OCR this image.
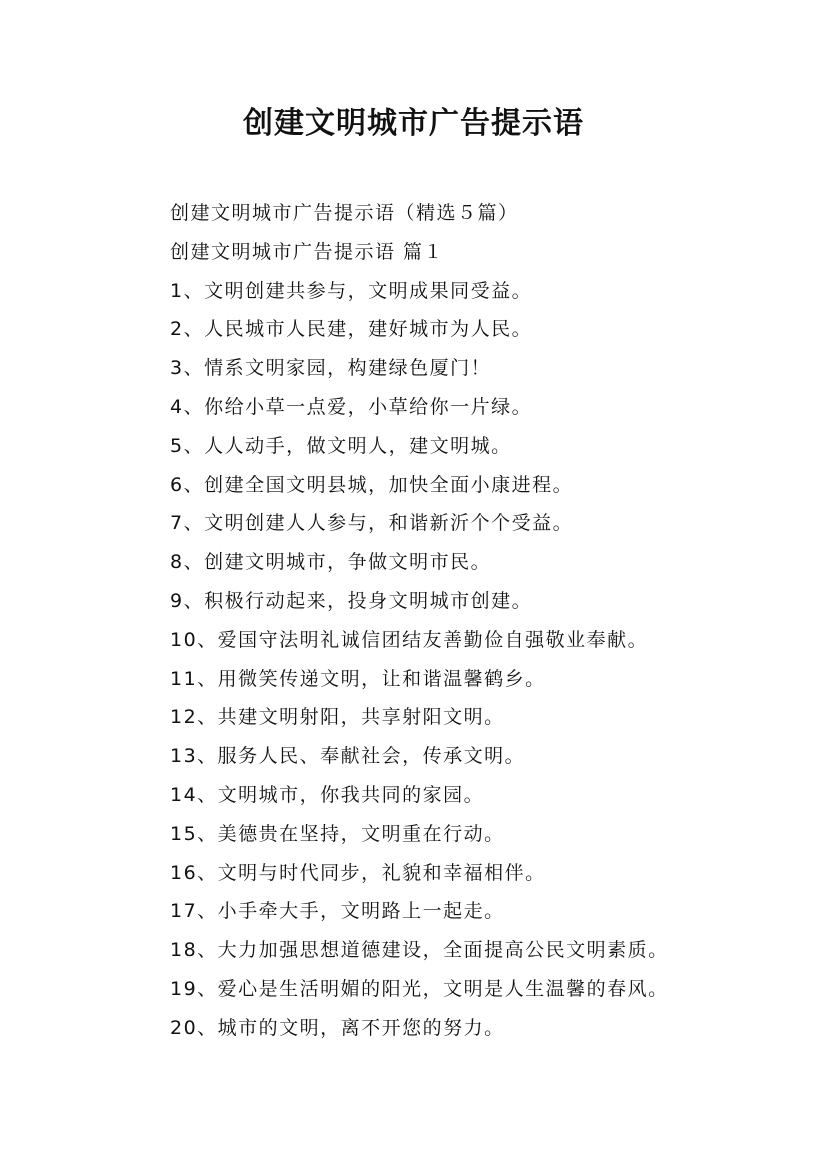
创建文明城市广告提示语

创建文明城市广告提示语（精选５篇）

创建文明城市广告提示语 篇１

1、文明创建共参与，文明成果同受益。

2、人民城市人民建，建好城市为人民。

3、情系文明家园，构建绿色厦门！

4、你给小草一点爱，小草给你一片绿。

5、人人动手，做文明人，建文明城。

6、创建全国文明县城，加快全面小康进程。

7、文明创建人人参与，和谐新沂个个受益。

8、创建文明城市，争做文明市民。

9、积极行动起来，投身文明城市创建。

10、爱国守法明礼诚信团结友善勤俭自强敬业奉献。

11、用微笑传递文明，让和谐温馨鹤乡。

12、共建文明射阳，共享射阳文明。

13、服务人民、奉献社会，传承文明。

14、文明城市，你我共同的家园。

15、美德贵在坚持，文明重在行动。

16、文明与时代同步，礼貌和幸福相伴。

17、小手牵大手，文明路上一起走。

18、大力加强思想道德建设，全面提高公民文明素质。

19、爱心是生活明媚的阳光，文明是人生温馨的春风。

20、城市的文明，离不开您的努力。
